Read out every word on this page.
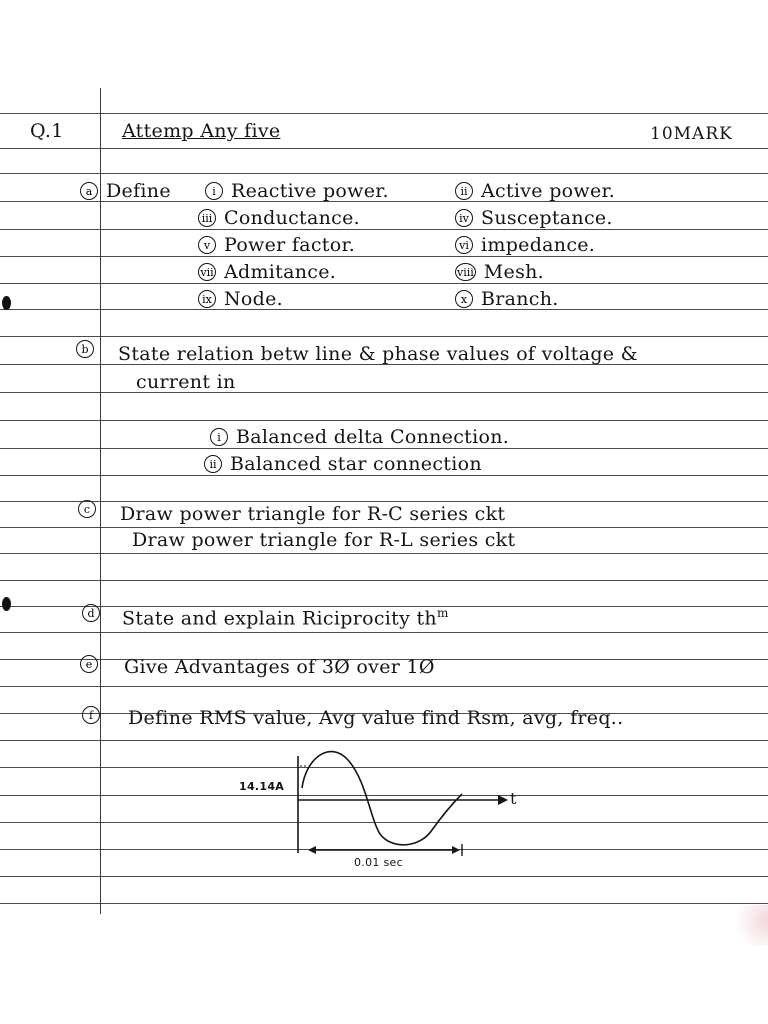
Q.1	Attemp Any five	10MARK
a Define	i Reactive power.	ii Active power.
iii Conductance.	iv Susceptance.
v Power factor.	vi impedance.
vii Admitance.	viii Mesh.
ix Node.	x Branch.
b State relation betw line & phase values of voltage &
current in
i Balanced delta Connection.
ii Balanced star connection
c	Draw power triangle for R-C series ckt
Draw power triangle for R-L series ckt
d State and explain Riciprocity $th^m$
e	Give Advantages of 3Ø over 1Ø
f	Define RMS value, Avg value find Rsm, avg, freq..
14.14A
t
0.01 sec
